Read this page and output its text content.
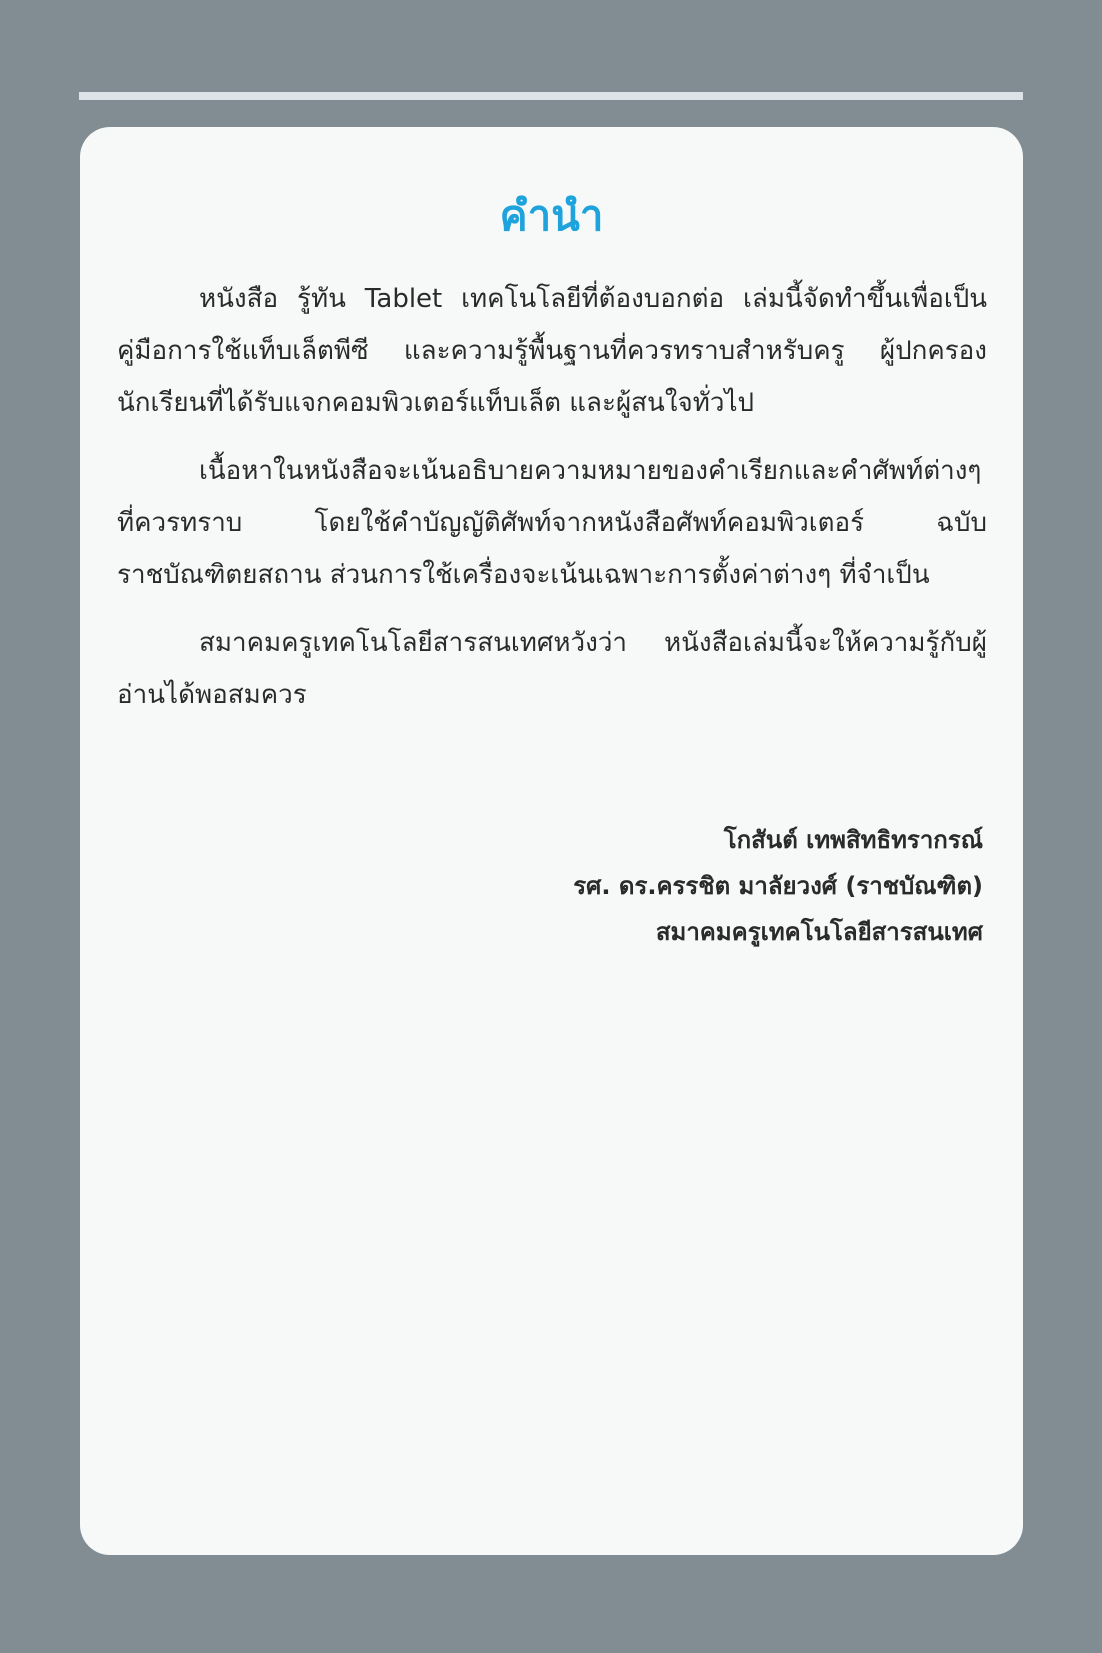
คำนำ

หนังสือ รู้ทัน Tablet เทคโนโลยีที่ต้องบอกต่อ เล่มนี้จัดทำขึ้นเพื่อเป็นคู่มือการใช้แท็บเล็ตพีซี และความรู้พื้นฐานที่ควรทราบสำหรับครู ผู้ปกครอง นักเรียนที่ได้รับแจกคอมพิวเตอร์แท็บเล็ต และผู้สนใจทั่วไป

เนื้อหาในหนังสือจะเน้นอธิบายความหมายของคำเรียกและคำศัพท์ต่างๆ ที่ควรทราบ โดยใช้คำบัญญัติศัพท์จากหนังสือศัพท์คอมพิวเตอร์ ฉบับราชบัณฑิตยสถาน ส่วนการใช้เครื่องจะเน้นเฉพาะการตั้งค่าต่างๆ ที่จำเป็น

สมาคมครูเทคโนโลยีสารสนเทศหวังว่า หนังสือเล่มนี้จะให้ความรู้กับผู้อ่านได้พอสมควร

โกสันต์ เทพสิทธิทรากรณ์
รศ. ดร.ครรชิต มาลัยวงศ์ (ราชบัณฑิต)
สมาคมครูเทคโนโลยีสารสนเทศ
